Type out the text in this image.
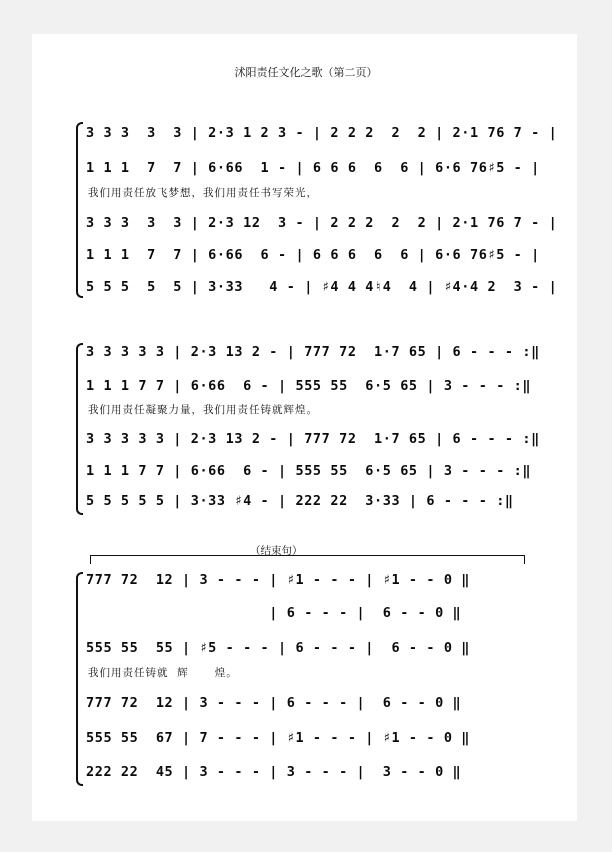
沭阳责任文化之歌（第二页）
3 3 3  3  3 | 2·3 1 2 3 - | 2 2 2  2  2 | 2·1 76 7 - |
1 1 1  7  7 | 6·66  1 - | 6 6 6  6  6 | 6·6 76♯5 - |
我们用责任放飞梦想，我们用责任书写荣光，
3 3 3  3  3 | 2·3 12  3 - | 2 2 2  2  2 | 2·1 76 7 - |
1 1 1  7  7 | 6·66  6 - | 6 6 6  6  6 | 6·6 76♯5 - |
5 5 5  5  5 | 3·33   4 - | ♯4 4 4♮4  4 | ♯4·4 2  3 - |
3 3 3 3 3 | 2·3 13 2 - | 777 72  1·7 65 | 6 - - - :‖
1 1 1 7 7 | 6·66  6 - | 555 55  6·5 65 | 3 - - - :‖
我们用责任凝聚力量，我们用责任铸就辉煌。
3 3 3 3 3 | 2·3 13 2 - | 777 72  1·7 65 | 6 - - - :‖
1 1 1 7 7 | 6·66  6 - | 555 55  6·5 65 | 3 - - - :‖
5 5 5 5 5 | 3·33 ♯4 - | 222 22  3·33 | 6 - - - :‖
（结束句）
777 72  12 | 3 - - - | ♯1 - - - | ♯1 - - 0 ‖
| 6 - - - |  6 - - 0 ‖
555 55  55 | ♯5 - - - | 6 - - - |  6 - - 0 ‖
我们用责任铸就  辉      煌。
777 72  12 | 3 - - - | 6 - - - |  6 - - 0 ‖
555 55  67 | 7 - - - | ♯1 - - - | ♯1 - - 0 ‖
222 22  45 | 3 - - - | 3 - - - |  3 - - 0 ‖
